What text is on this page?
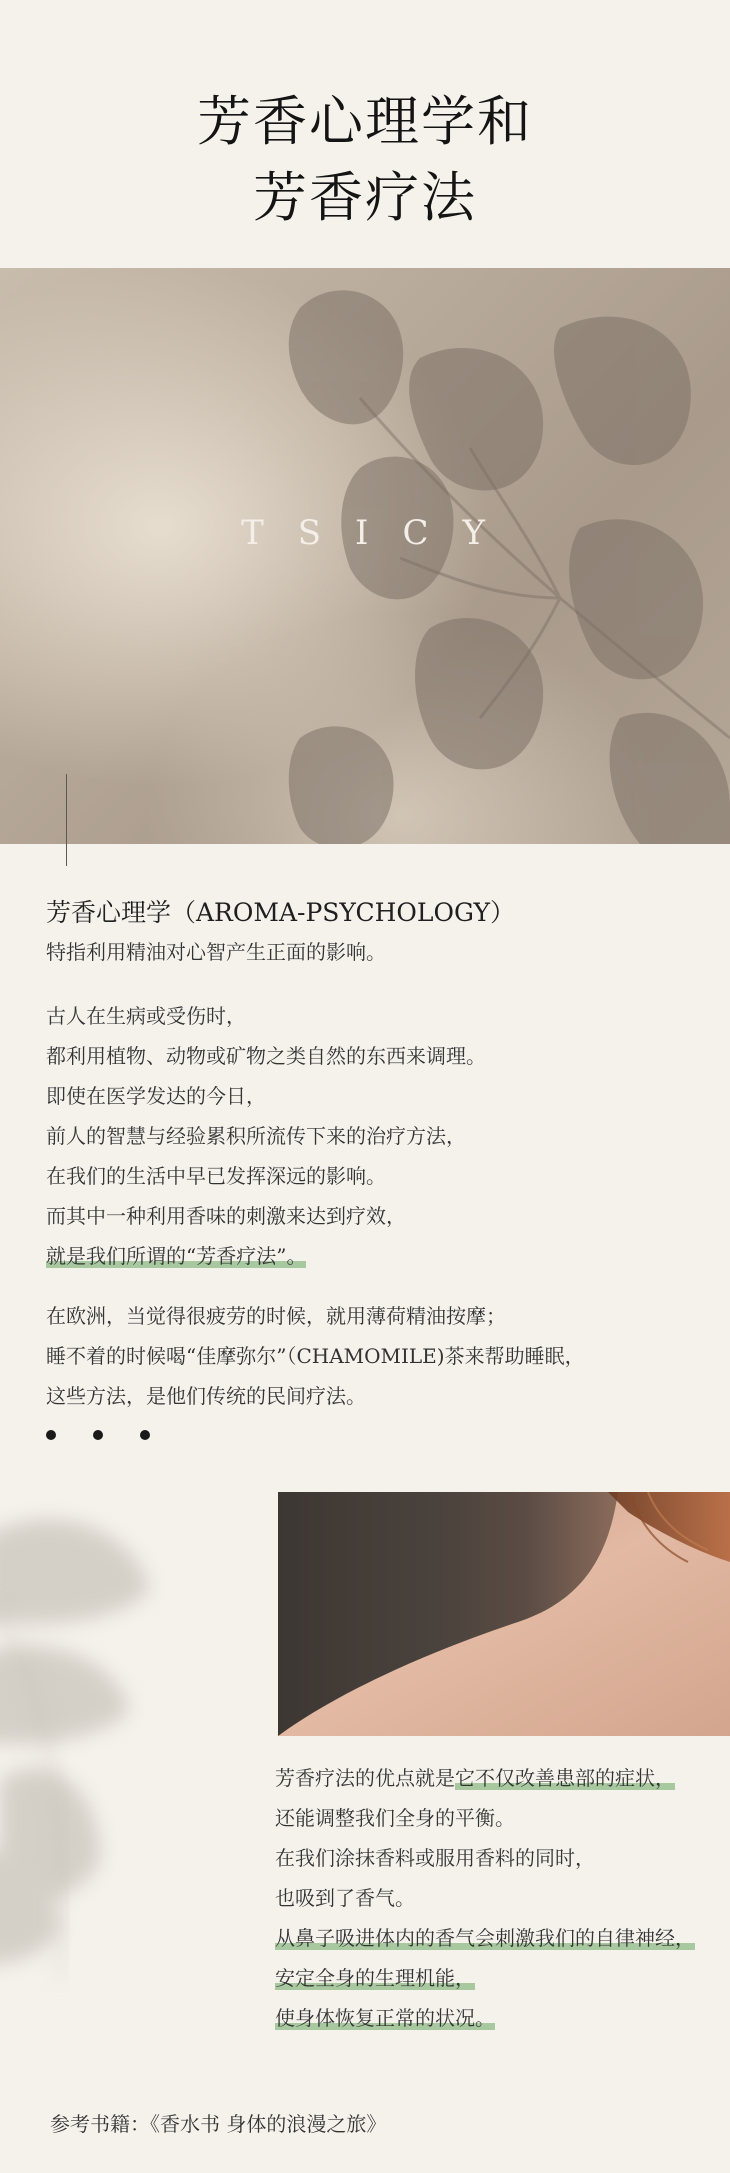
芳香心理学和
芳香疗法
TSICY
芳香心理学（AROMA-PSYCHOLOGY）
特指利用精油对心智产生正面的影响。
古人在生病或受伤时，
都利用植物、动物或矿物之类自然的东西来调理。
即使在医学发达的今日，
前人的智慧与经验累积所流传下来的治疗方法，
在我们的生活中早已发挥深远的影响。
而其中一种利用香味的刺激来达到疗效，
就是我们所谓的“芳香疗法”。
在欧洲，当觉得很疲劳的时候，就用薄荷精油按摩；
睡不着的时候喝“佳摩弥尔”（CHAMOMILE)茶来帮助睡眠，
这些方法，是他们传统的民间疗法。
芳香疗法的优点就是它不仅改善患部的症状，
还能调整我们全身的平衡。
在我们涂抹香料或服用香料的同时，
也吸到了香气。
从鼻子吸进体内的香气会刺激我们的自律神经，
安定全身的生理机能，
使身体恢复正常的状况。
参考书籍：《香水书 身体的浪漫之旅》
